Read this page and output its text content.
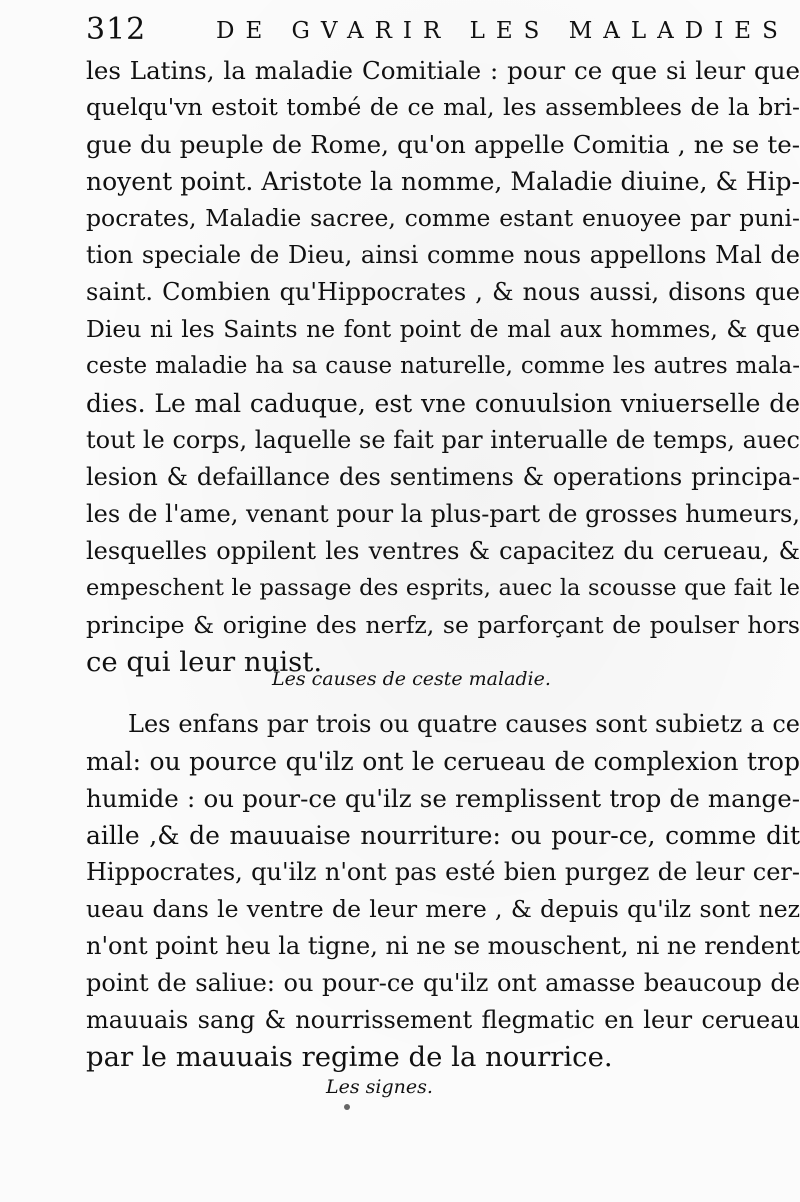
312	DE GVARIR LES MALADIES
les Latins, la maladie Comitiale : pour ce que si leur que
quelqu'vn estoit tombé de ce mal, les assemblees de la bri-
gue du peuple de Rome, qu'on appelle Comitia , ne se te-
noyent point. Aristote la nomme, Maladie diuine, & Hip-
pocrates, Maladie sacree, comme estant enuoyee par puni-
tion speciale de Dieu, ainsi comme nous appellons Mal de
saint. Combien qu'Hippocrates , & nous aussi, disons que
Dieu ni les Saints ne font point de mal aux hommes, & que
ceste maladie ha sa cause naturelle, comme les autres mala-
dies. Le mal caduque, est vne conuulsion vniuerselle de
tout le corps, laquelle se fait par interualle de temps, auec
lesion & defaillance des sentimens & operations principa-
les de l'ame, venant pour la plus-part de grosses humeurs,
lesquelles oppilent les ventres & capacitez du cerueau, &
empeschent le passage des esprits, auec la scousse que fait le
principe & origine des nerfz, se parforçant de poulser hors
ce qui leur nuist.
Les causes de ceste maladie.
Les enfans par trois ou quatre causes sont subietz a ce
mal: ou pource qu'ilz ont le cerueau de complexion trop
humide : ou pour-ce qu'ilz se remplissent trop de mange-
aille ,& de mauuaise nourriture: ou pour-ce, comme dit
Hippocrates, qu'ilz n'ont pas esté bien purgez de leur cer-
ueau dans le ventre de leur mere , & depuis qu'ilz sont nez
n'ont point heu la tigne, ni ne se mouschent, ni ne rendent
point de saliue: ou pour-ce qu'ilz ont amasse beaucoup de
mauuais sang & nourrissement flegmatic en leur cerueau
par le mauuais regime de la nourrice.
Les signes.
